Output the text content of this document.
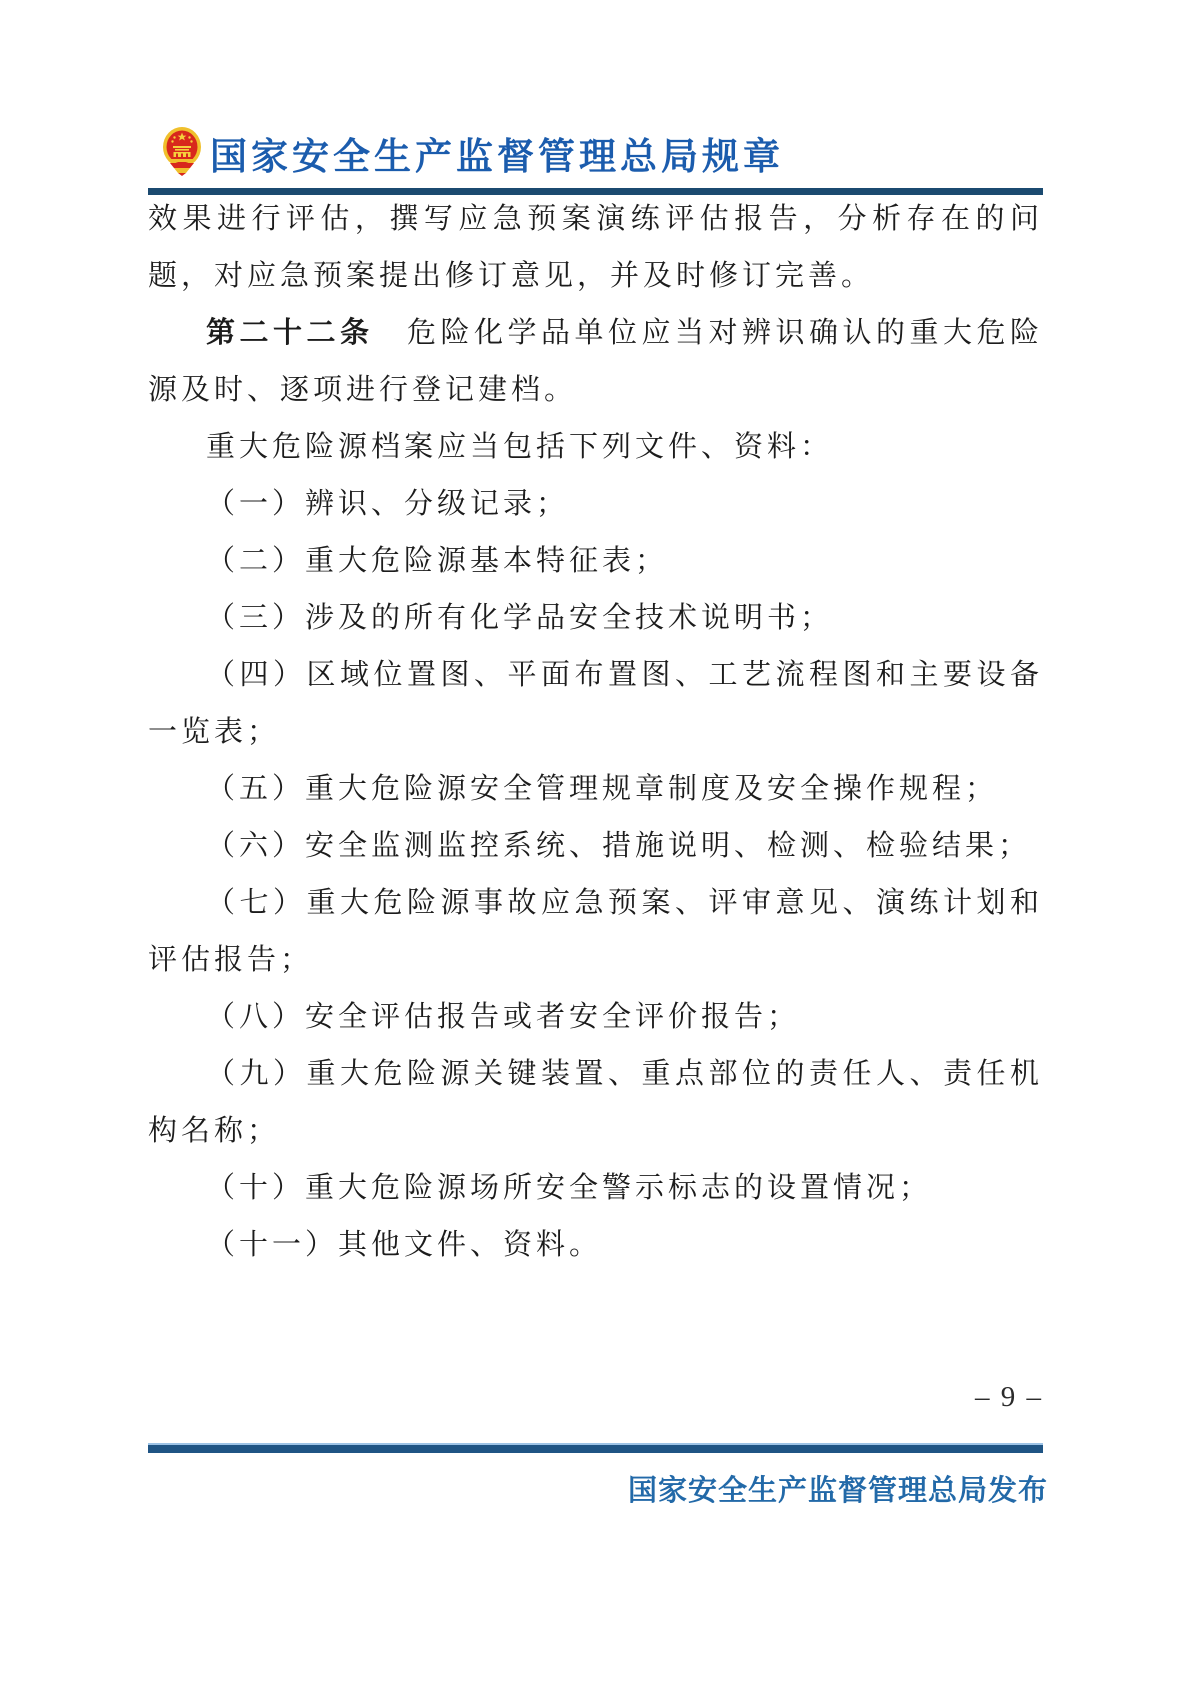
国家安全生产监督管理总局规章

效果进行评估，撰写应急预案演练评估报告，分析存在的问题，对应急预案提出修订意见，并及时修订完善。

第二十二条　危险化学品单位应当对辨识确认的重大危险源及时、逐项进行登记建档。

重大危险源档案应当包括下列文件、资料：

（一）辨识、分级记录；

（二）重大危险源基本特征表；

（三）涉及的所有化学品安全技术说明书；

（四）区域位置图、平面布置图、工艺流程图和主要设备一览表；

（五）重大危险源安全管理规章制度及安全操作规程；

（六）安全监测监控系统、措施说明、检测、检验结果；

（七）重大危险源事故应急预案、评审意见、演练计划和评估报告；

（八）安全评估报告或者安全评价报告；

（九）重大危险源关键装置、重点部位的责任人、责任机构名称；

（十）重大危险源场所安全警示标志的设置情况；

（十一）其他文件、资料。

– 9 –
国家安全生产监督管理总局发布
